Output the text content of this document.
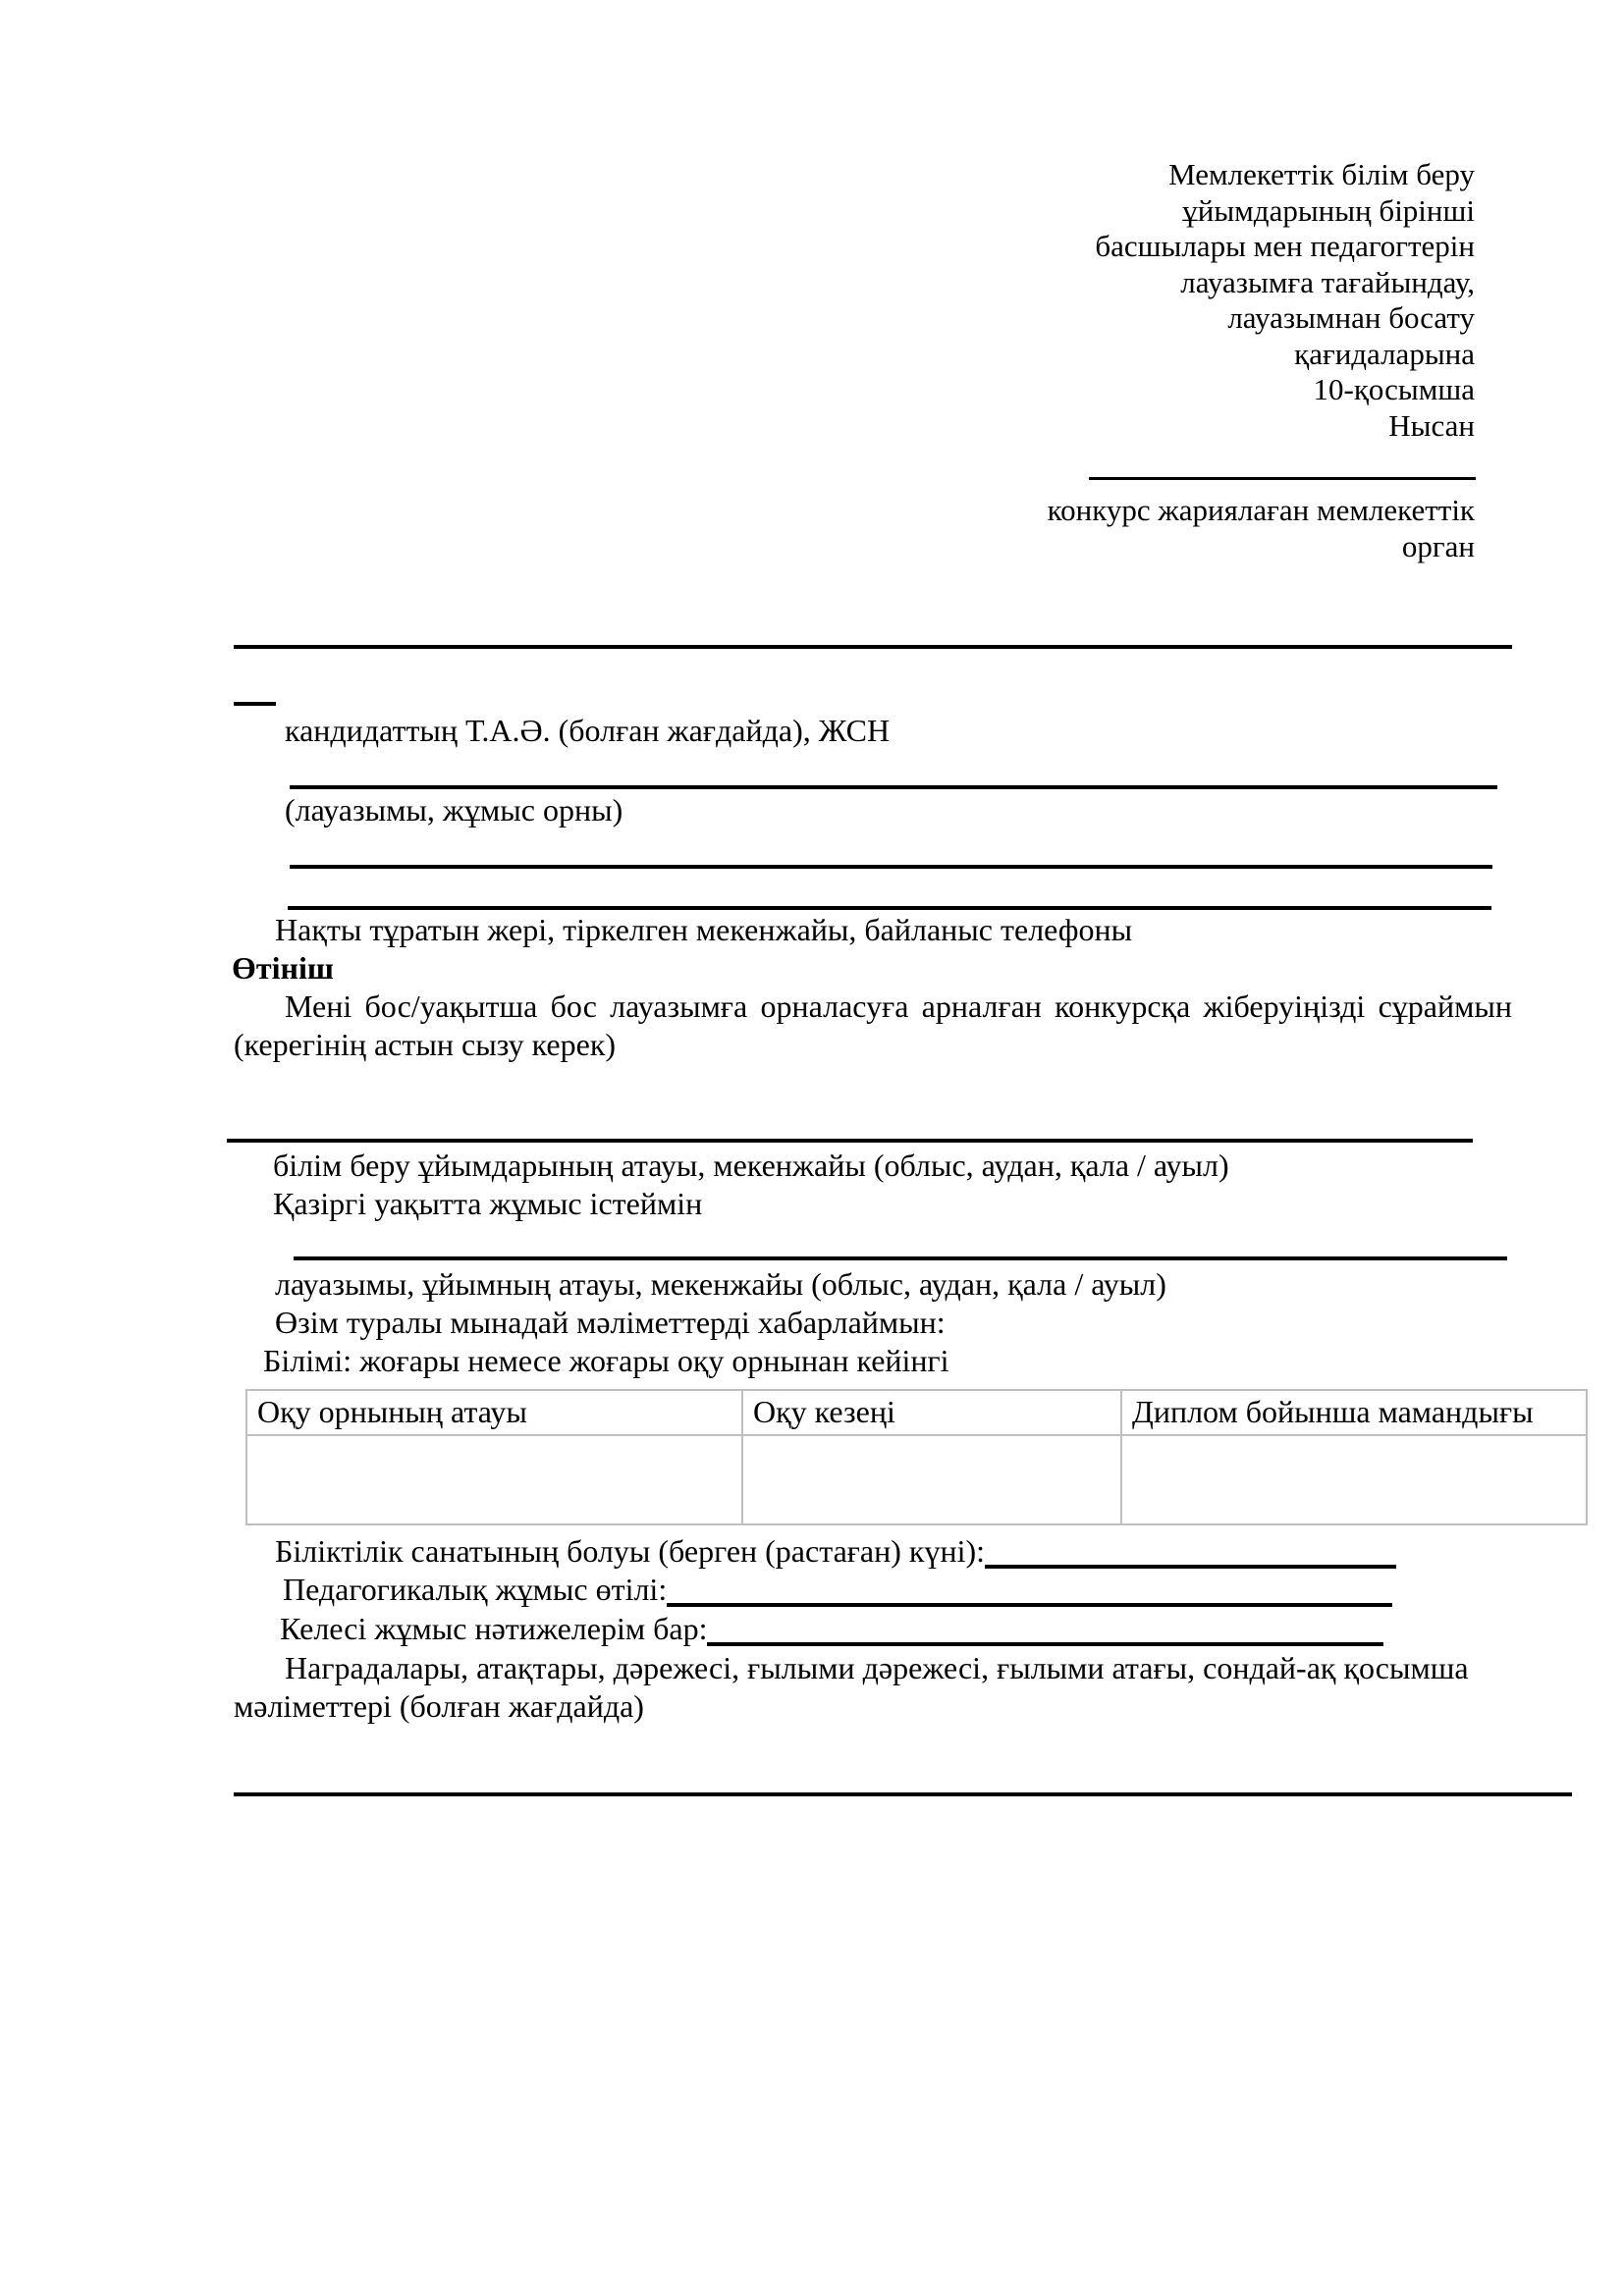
Мемлекеттік білім беру
ұйымдарының бірінші
басшылары мен педагогтерін
лауазымға тағайындау,
лауазымнан босату
қағидаларына
10-қосымша
Нысан
конкурс жариялаған мемлекеттік
орган
кандидаттың Т.А.Ә. (болған жағдайда), ЖСН
(лауазымы, жұмыс орны)
Нақты тұратын жері, тіркелген мекенжайы, байланыс телефоны
Өтініш
Мені бос/уақытша бос лауазымға орналасуға арналған конкурсқа жіберуіңізді сұраймын
(керегінің астын сызу керек)
білім беру ұйымдарының атауы, мекенжайы (облыс, аудан, қала / ауыл)
Қазіргі уақытта жұмыс істеймін
лауазымы, ұйымның атауы, мекенжайы (облыс, аудан, қала / ауыл)
Өзім туралы мынадай мәліметтерді хабарлаймын:
Білімі: жоғары немесе жоғары оқу орнынан кейінгі
Оқу орнының атауы	Оқу кезеңі	Диплом бойынша мамандығы

Біліктілік санатының болуы (берген (растаған) күні):
Педагогикалық жұмыс өтілі:
Келесі жұмыс нәтижелерім бар:
Наградалары, атақтары, дәрежесі, ғылыми дәрежесі, ғылыми атағы, сондай-ақ қосымша
мәліметтері (болған жағдайда)
